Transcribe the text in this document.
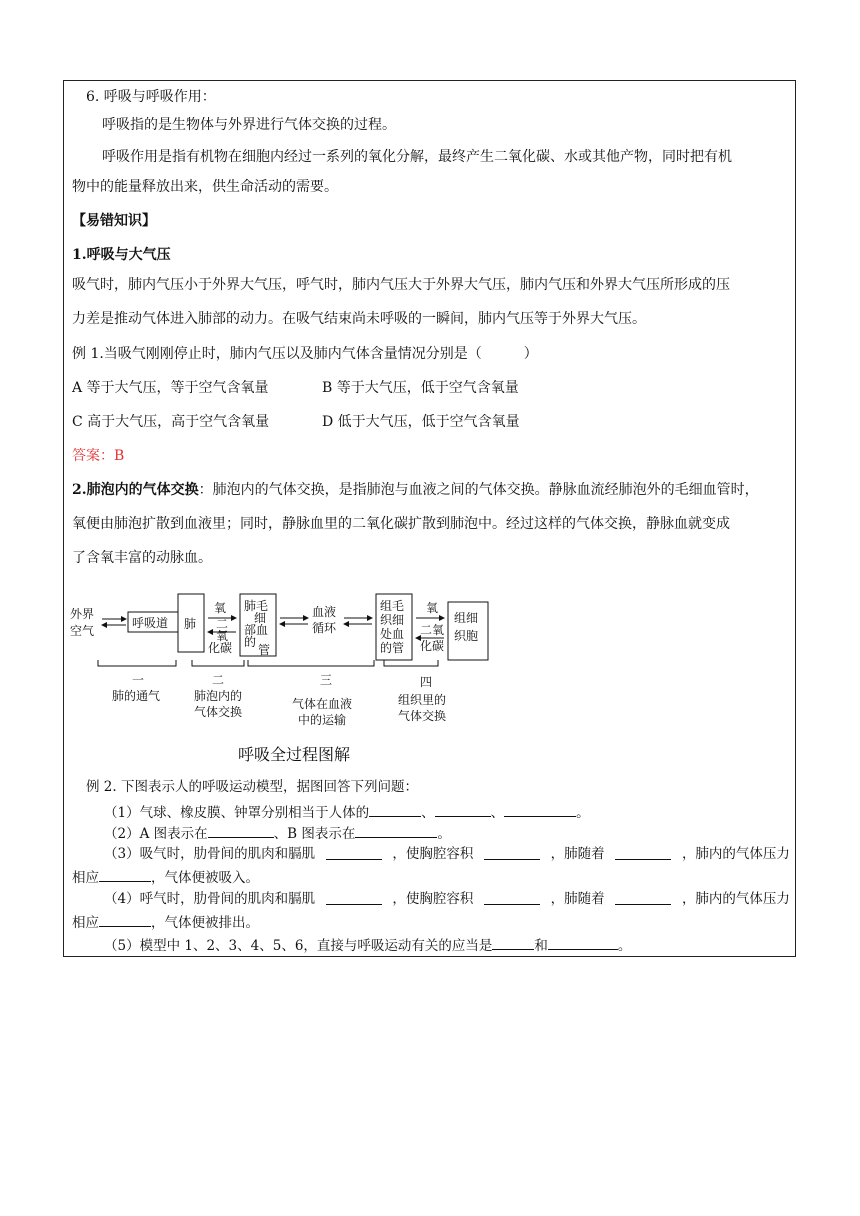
6. 呼吸与呼吸作用：
呼吸指的是生物体与外界进行气体交换的过程。
呼吸作用是指有机物在细胞内经过一系列的氧化分解，最终产生二氧化碳、水或其他产物，同时把有机
物中的能量释放出来，供生命活动的需要。
【易错知识】
1.呼吸与大气压
吸气时，肺内气压小于外界大气压，呼气时，肺内气压大于外界大气压，肺内气压和外界大气压所形成的压
力差是推动气体进入肺部的动力。在吸气结束尚未呼吸的一瞬间，肺内气压等于外界大气压。
例 1.当吸气刚刚停止时，肺内气压以及肺内气体含量情况分别是（　　　）
A 等于大气压，等于空气含氧量	B 等于大气压，低于空气含氧量
C 高于大气压，高于空气含氧量	D 低于大气压，低于空气含氧量
答案：B
2.肺泡内的气体交换：肺泡内的气体交换，是指肺泡与血液之间的气体交换。静脉血流经肺泡外的毛细血管时，
氧便由肺泡扩散到血液里；同时，静脉血里的二氧化碳扩散到肺泡中。经过这样的气体交换，静脉血就变成
了含氧丰富的动脉血。
外界
空气
呼吸道 肺
氧
二
氧
化碳
肺毛
细
部血
的
管
血液
循环
组毛
织细
处血
的管
氧
二氧
化碳
组细
织胞
一	二	三	四
肺的通气	肺泡内的
气体交换
气体在血液
中的运输
组织里的
气体交换
呼吸全过程图解
例 2. 下图表示人的呼吸运动模型，据图回答下列问题：
（1）气球、橡皮膜、钟罩分别相当于人体的	、	、	。
（2）A 图表示在	、B 图表示在	。
（3）吸气时，肋骨间的肌肉和膈肌	，使胸腔容积	，肺随着	，肺内的气体压力
相应	，气体便被吸入。
（4）呼气时，肋骨间的肌肉和膈肌	，使胸腔容积	，肺随着	，肺内的气体压力
相应	，气体便被排出。
（5）模型中 1、2、3、4、5、6，直接与呼吸运动有关的应当是	和	。
